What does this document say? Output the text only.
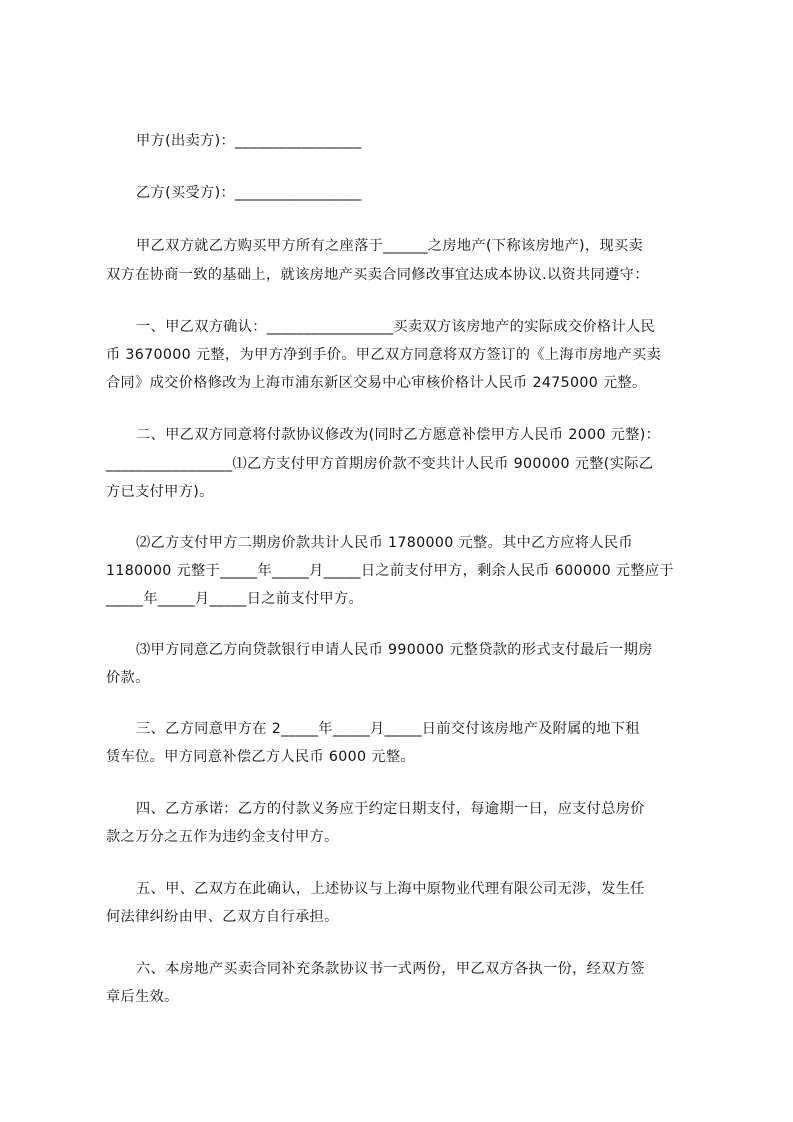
甲方(出卖方)：_________________
乙方(买受方)：_________________
甲乙双方就乙方购买甲方所有之座落于______之房地产(下称该房地产)，现买卖
双方在协商一致的基础上，就该房地产买卖合同修改事宜达成本协议.以资共同遵守：
一、甲乙双方确认：_________________买卖双方该房地产的实际成交价格计人民
币 3670000 元整，为甲方净到手价。甲乙双方同意将双方签订的《上海市房地产买卖
合同》成交价格修改为上海市浦东新区交易中心审核价格计人民币 2475000 元整。
二、甲乙双方同意将付款协议修改为(同时乙方愿意补偿甲方人民币 2000 元整)：
_________________⑴乙方支付甲方首期房价款不变共计人民币 900000 元整(实际乙
方已支付甲方)。
⑵乙方支付甲方二期房价款共计人民币 1780000 元整。其中乙方应将人民币
1180000 元整于_____年_____月_____日之前支付甲方，剩余人民币 600000 元整应于
_____年_____月_____日之前支付甲方。
⑶甲方同意乙方向贷款银行申请人民币 990000 元整贷款的形式支付最后一期房
价款。
三、乙方同意甲方在 2_____年_____月_____日前交付该房地产及附属的地下租
赁车位。甲方同意补偿乙方人民币 6000 元整。
四、乙方承诺：乙方的付款义务应于约定日期支付，每逾期一日，应支付总房价
款之万分之五作为违约金支付甲方。
五、甲、乙双方在此确认，上述协议与上海中原物业代理有限公司无涉，发生任
何法律纠纷由甲、乙双方自行承担。
六、本房地产买卖合同补充条款协议书一式两份，甲乙双方各执一份，经双方签
章后生效。
